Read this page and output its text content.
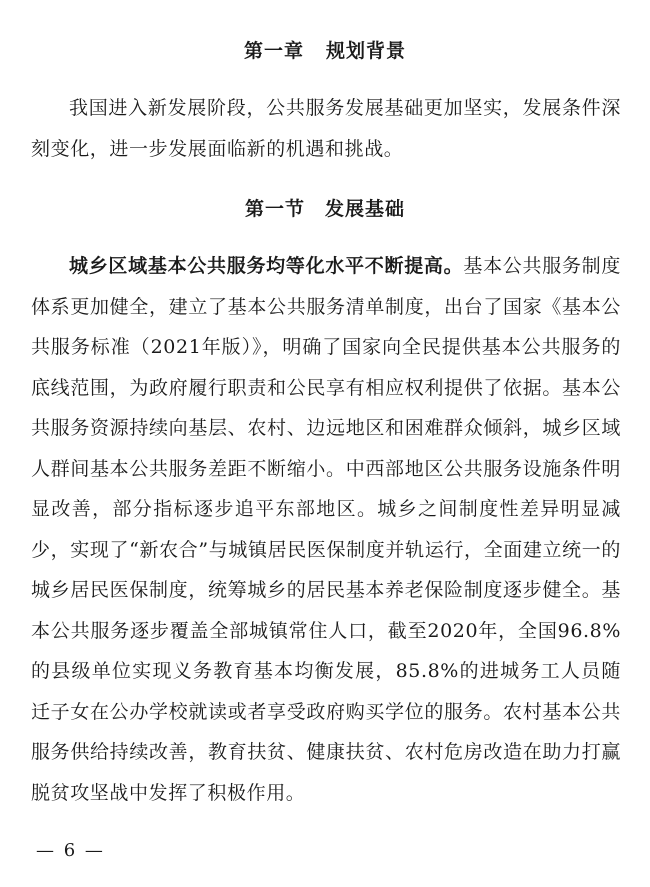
第一章 规划背景

我国进入新发展阶段，公共服务发展基础更加坚实，发展条件深刻变化，进一步发展面临新的机遇和挑战。

第一节 发展基础

城乡区域基本公共服务均等化水平不断提高。基本公共服务制度体系更加健全，建立了基本公共服务清单制度，出台了国家《基本公共服务标准（2021年版）》，明确了国家向全民提供基本公共服务的底线范围，为政府履行职责和公民享有相应权利提供了依据。基本公共服务资源持续向基层、农村、边远地区和困难群众倾斜，城乡区域人群间基本公共服务差距不断缩小。中西部地区公共服务设施条件明显改善，部分指标逐步追平东部地区。城乡之间制度性差异明显减少，实现了“新农合”与城镇居民医保制度并轨运行，全面建立统一的城乡居民医保制度，统筹城乡的居民基本养老保险制度逐步健全。基本公共服务逐步覆盖全部城镇常住人口，截至2020年，全国96.8%的县级单位实现义务教育基本均衡发展，85.8%的进城务工人员随迁子女在公办学校就读或者享受政府购买学位的服务。农村基本公共服务供给持续改善，教育扶贫、健康扶贫、农村危房改造在助力打赢脱贫攻坚战中发挥了积极作用。

— 6 —
